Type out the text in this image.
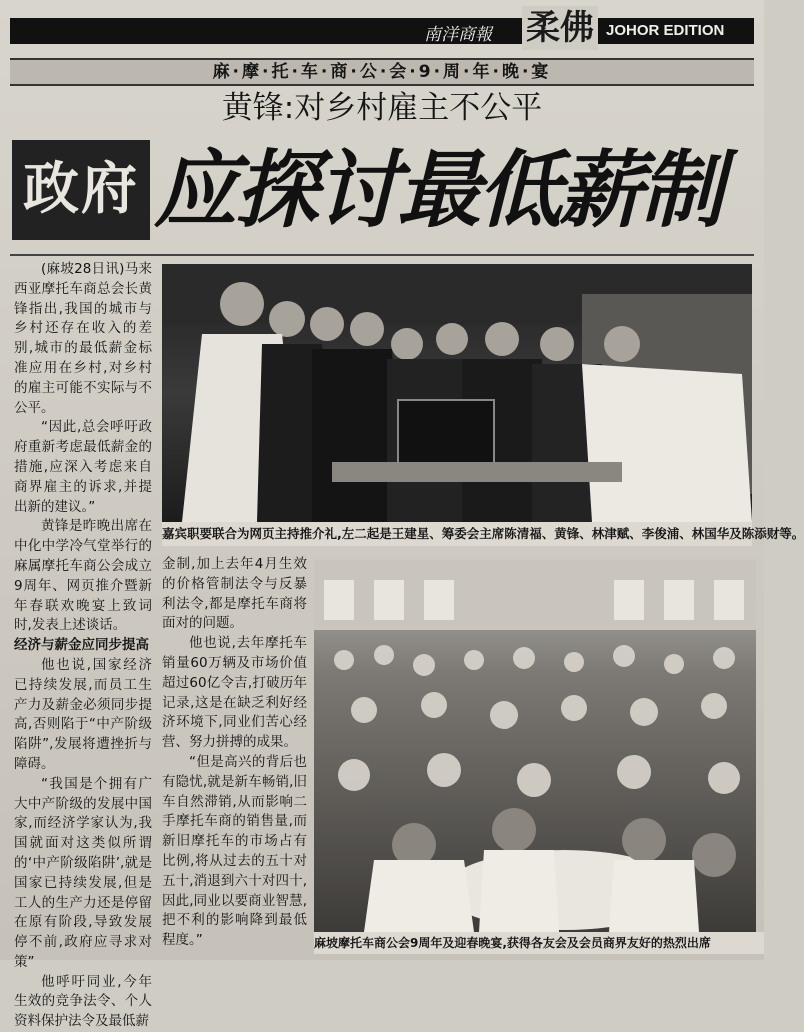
南洋商報 柔佛 JOHOR EDITION
麻·摩·托·车·商·公·会·9·周·年·晚·宴
黄锋:对乡村雇主不公平
政府 应探讨最低薪制

(麻坡28日讯)马来西亚摩托车商总会长黄锋指出,我国的城市与乡村还存在收入的差别,城市的最低薪金标准应用在乡村,对乡村的雇主可能不实际与不公平。

“因此,总会呼吁政府重新考虑最低薪金的措施,应深入考虑来自商界雇主的诉求,并提出新的建议。”

黄锋是昨晚出席在中化中学冷气堂举行的麻属摩托车商公会成立9周年、网页推介暨新年春联欢晚宴上致词时,发表上述谈话。

经济与薪金应同步提高

他也说,国家经济已持续发展,而员工生产力及薪金必须同步提高,否则陷于“中产阶级陷阱”,发展将遭挫折与障碍。

“我国是个拥有广大中产阶级的发展中国家,而经济学家认为,我国就面对这类似所谓的‘中产阶级陷阱’,就是国家已持续发展,但是工人的生产力还是停留在原有阶段,导致发展停不前,政府应寻求对策”

他呼吁同业,今年生效的竞争法令、个人资料保护法令及最低薪

嘉宾职要联合为网页主持推介礼,左二起是王建星、筹委会主席陈清福、黄锋、林津赋、李俊浦、林国华及陈添财等。

金制,加上去年4月生效的价格管制法令与反暴利法令,都是摩托车商将面对的问题。

他也说,去年摩托车销量60万辆及市场价值超过60亿令吉,打破历年记录,这是在缺乏利好经济环境下,同业们苦心经营、努力拼搏的成果。

“但是高兴的背后也有隐忧,就是新车畅销,旧车自然滞销,从而影响二手摩托车商的销售量,而新旧摩托车的市场占有比例,将从过去的五十对五十,消退到六十对四十,因此,同业以要商业智慧,把不利的影响降到最低程度。”	麻坡摩托车商公会9周年及迎春晚宴,获得各友会及会员商界友好的热烈出席
